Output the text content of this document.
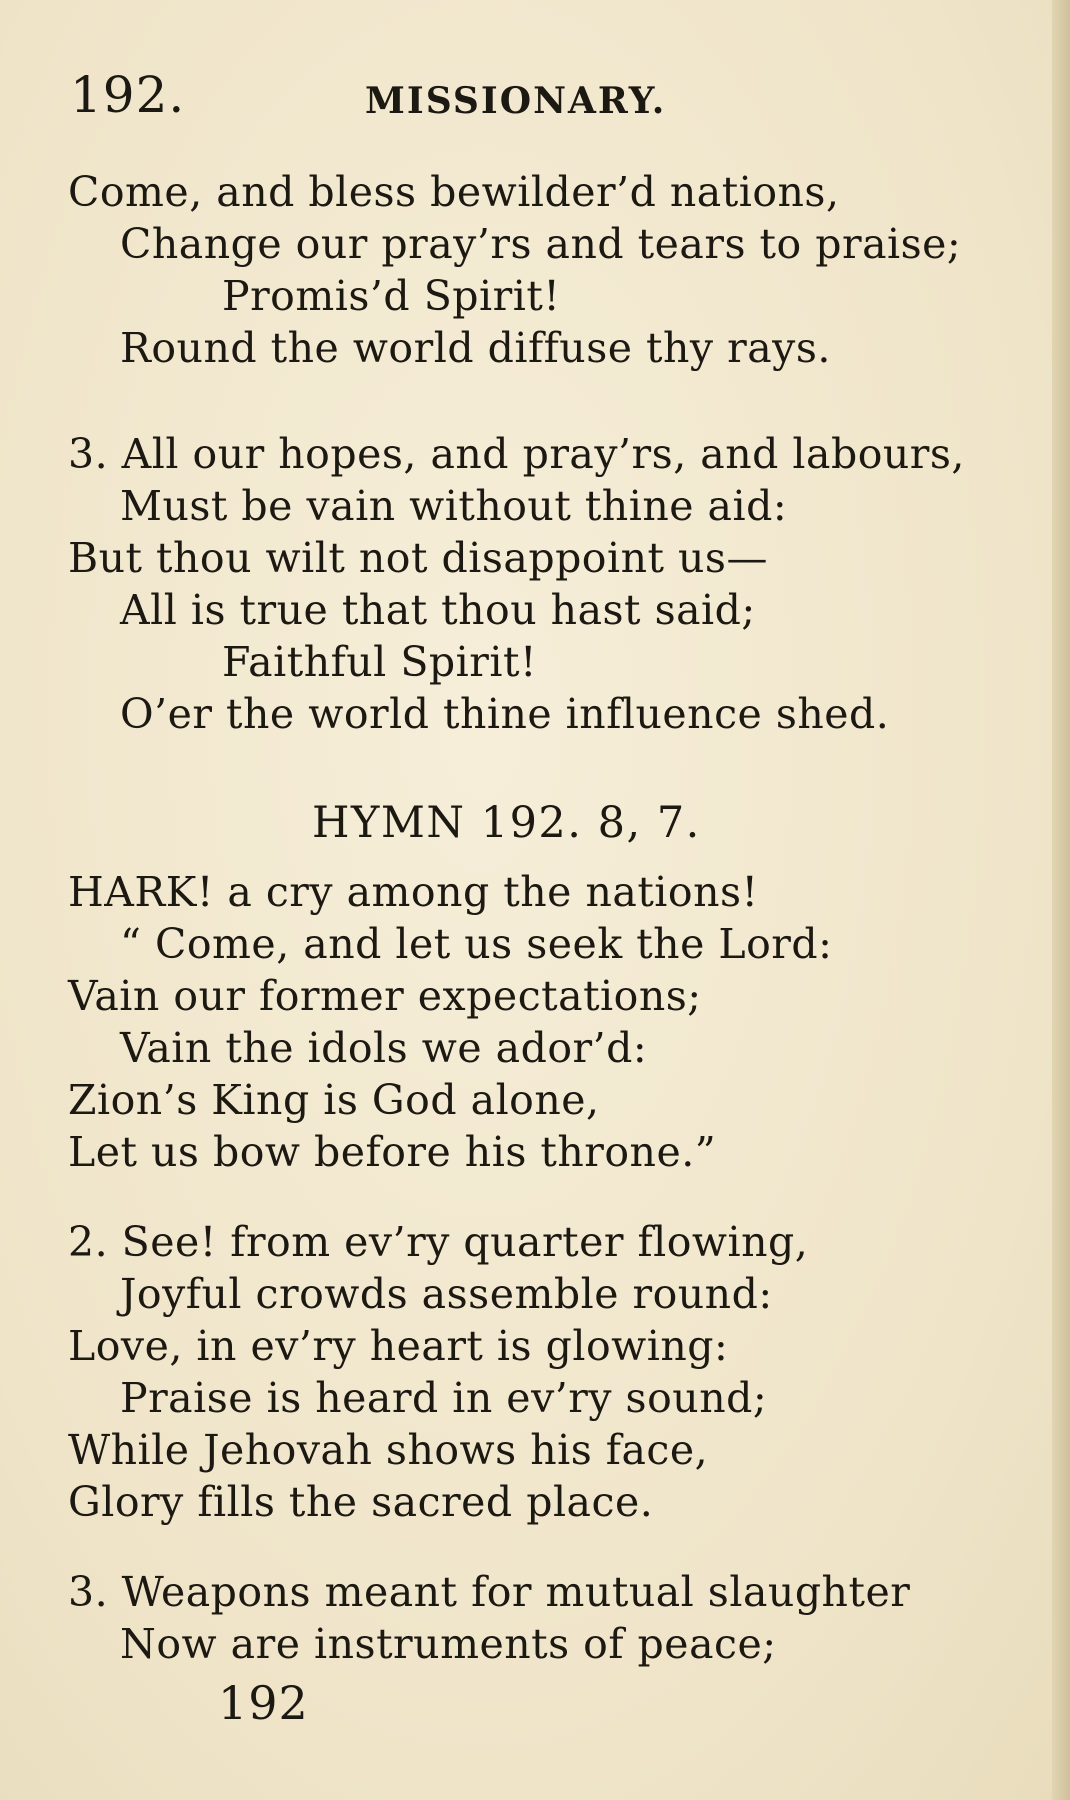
192.	MISSIONARY.
Come, and bless bewilder’d nations,
Change our pray’rs and tears to praise;
Promis’d Spirit!
Round the world diffuse thy rays.
3. All our hopes, and pray’rs, and labours,
Must be vain without thine aid:
But thou wilt not disappoint us—
All is true that thou hast said;
Faithful Spirit!
O’er the world thine influence shed.
HYMN 192. 8, 7.
HARK! a cry among the nations!
“ Come, and let us seek the Lord:
Vain our former expectations;
Vain the idols we ador’d:
Zion’s King is God alone,
Let us bow before his throne.”
2. See! from ev’ry quarter flowing,
Joyful crowds assemble round:
Love, in ev’ry heart is glowing:
Praise is heard in ev’ry sound;
While Jehovah shows his face,
Glory fills the sacred place.
3. Weapons meant for mutual slaughter
Now are instruments of peace;
192
